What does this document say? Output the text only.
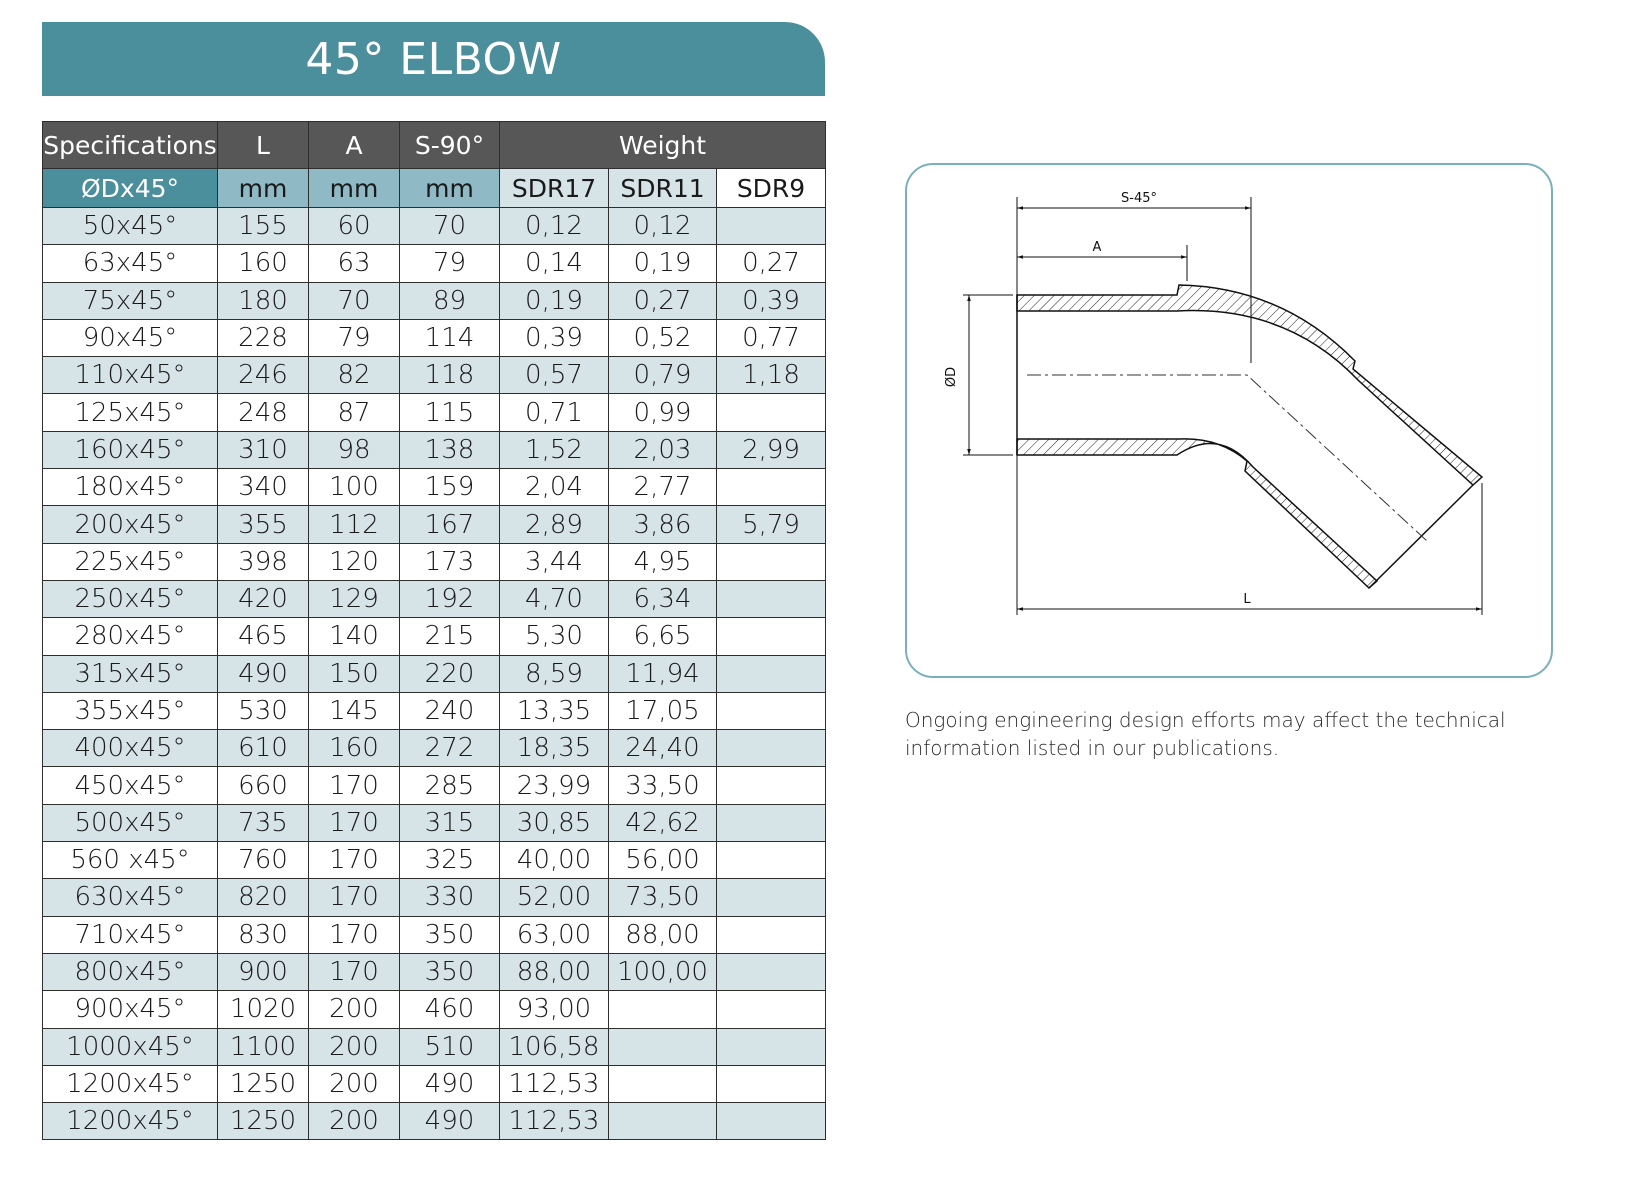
45° ELBOW
Specifications	L	A	S-90°	Weight		
ØDx45°	mm	mm	mm	SDR17	SDR11	SDR9
50x45°	155	60	70	0,12	0,12	
63x45°	160	63	79	0,14	0,19	0,27
75x45°	180	70	89	0,19	0,27	0,39
90x45°	228	79	114	0,39	0,52	0,77
110x45°	246	82	118	0,57	0,79	1,18
125x45°	248	87	115	0,71	0,99	
160x45°	310	98	138	1,52	2,03	2,99
180x45°	340	100	159	2,04	2,77	
200x45°	355	112	167	2,89	3,86	5,79
225x45°	398	120	173	3,44	4,95	
250x45°	420	129	192	4,70	6,34	
280x45°	465	140	215	5,30	6,65	
315x45°	490	150	220	8,59	11,94	
355x45°	530	145	240	13,35	17,05	
400x45°	610	160	272	18,35	24,40	
450x45°	660	170	285	23,99	33,50	
500x45°	735	170	315	30,85	42,62	
560 x45°	760	170	325	40,00	56,00	
630x45°	820	170	330	52,00	73,50	
710x45°	830	170	350	63,00	88,00	
800x45°	900	170	350	88,00	100,00	
900x45°	1020	200	460	93,00		
1000x45°	1100	200	510	106,58		
1200x45°	1250	200	490	112,53		
1200x45°	1250	200	490	112,53		
S-45°
A
ØD
L
Ongoing engineering design efforts may affect the technical information listed in our publications.
